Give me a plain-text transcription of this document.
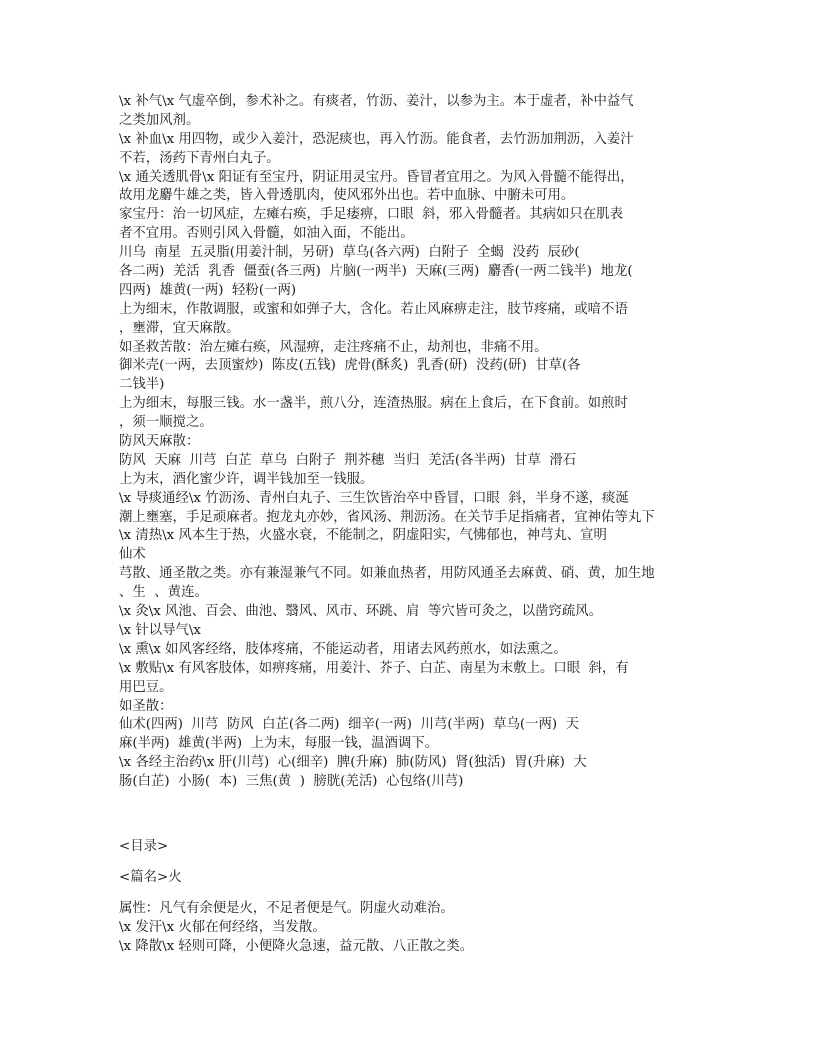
\x 补气\x 气虚卒倒，参术补之。有痰者，竹沥、姜汁，以参为主。本于虚者，补中益气
之类加风剂。
\x 补血\x 用四物，或少入姜汁，恐泥痰也，再入竹沥。能食者，去竹沥加荆沥，入姜汁
不若，汤药下青州白丸子。
\x 通关透肌骨\x 阳证有至宝丹，阴证用灵宝丹。昏冒者宜用之。为风入骨髓不能得出，
故用龙麝牛雄之类，皆入骨透肌肉，使风邪外出也。若中血脉、中腑未可用。
家宝丹：治一切风症，左瘫右痪，手足痿痹，口眼  斜，邪入骨髓者。其病如只在肌表
者不宜用。否则引风入骨髓，如油入面，不能出。
川乌  南星  五灵脂(用姜汁制，另研)  草乌(各六两)  白附子  全蝎  没药  辰砂(
各二两)  羌活  乳香  僵蚕(各三两)  片脑(一两半)  天麻(三两)  麝香(一两二钱半)  地龙(
四两)  雄黄(一两)  轻粉(一两)
上为细末，作散调服，或蜜和如弹子大，含化。若止风麻痹走注，肢节疼痛，或喑不语
，壅滞，宜天麻散。
如圣救苦散：治左瘫右痪，风湿痹，走注疼痛不止，劫剂也，非痛不用。
御米壳(一两，去顶蜜炒)  陈皮(五钱)  虎骨(酥炙)  乳香(研)  没药(研)  甘草(各
二钱半)
上为细末，每服三钱。水一盏半，煎八分，连渣热服。病在上食后，在下食前。如煎时
，须一顺搅之。
防风天麻散：
防风  天麻  川芎  白芷  草乌  白附子  荆芥穗  当归  羌活(各半两)  甘草  滑石
上为末，酒化蜜少许，调半钱加至一钱服。
\x 导痰通经\x 竹沥汤、青州白丸子、三生饮皆治卒中昏冒，口眼  斜，半身不遂，痰涎
潮上壅塞，手足顽麻者。抱龙丸亦妙，省风汤、荆沥汤。在关节手足指痛者，宜神佑等丸下
\x 清热\x 风本生于热，火盛水衰，不能制之，阴虚阳实，气怫郁也，神芎丸、宣明
仙术
芎散、通圣散之类。亦有兼湿兼气不同。如兼血热者，用防风通圣去麻黄、硝、黄，加生地
、生  、黄连。
\x 灸\x 风池、百会、曲池、翳风、风市、环跳、肩  等穴皆可灸之，以凿窍疏风。
\x 针以导气\x
\x 熏\x 如风客经络，肢体疼痛，不能运动者，用诸去风药煎水，如法熏之。
\x 敷贴\x 有风客肢体，如痹疼痛，用姜汁、芥子、白芷、南星为末敷上。口眼  斜，有
用巴豆。
如圣散：
仙术(四两)  川芎  防风  白芷(各二两)  细辛(一两)  川芎(半两)  草乌(一两)  天
麻(半两)  雄黄(半两)  上为末，每服一钱，温酒调下。
\x 各经主治药\x 肝(川芎)  心(细辛)  脾(升麻)  肺(防风)  肾(独活)  胃(升麻)  大
肠(白芷)  小肠(  本)  三焦(黄  )  膀胱(羌活)  心包络(川芎)
<目录>
<篇名>火
属性：凡气有余便是火，不足者便是气。阴虚火动难治。
\x 发汗\x 火郁在何经络，当发散。
\x 降散\x 轻则可降，小便降火急速，益元散、八正散之类。
